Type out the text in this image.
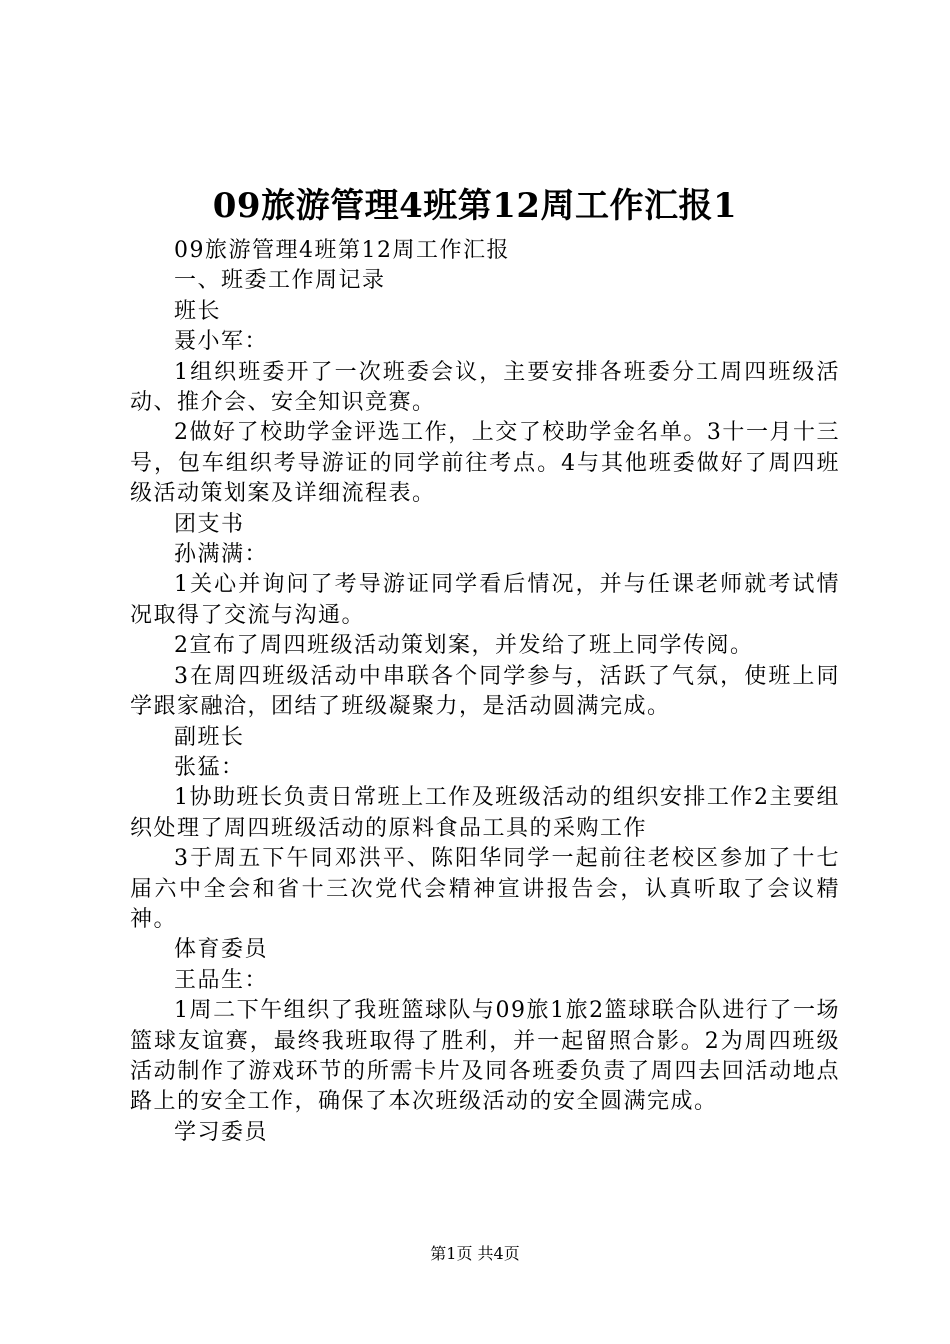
09旅游管理4班第12周工作汇报1

09旅游管理4班第12周工作汇报

一、班委工作周记录

班长

聂小军：

1组织班委开了一次班委会议，主要安排各班委分工周四班级活动、推介会、安全知识竞赛。

2做好了校助学金评选工作，上交了校助学金名单。3十一月十三号，包车组织考导游证的同学前往考点。4与其他班委做好了周四班级活动策划案及详细流程表。

团支书

孙满满：

1关心并询问了考导游证同学看后情况，并与任课老师就考试情况取得了交流与沟通。

2宣布了周四班级活动策划案，并发给了班上同学传阅。

3在周四班级活动中串联各个同学参与，活跃了气氛，使班上同学跟家融洽，团结了班级凝聚力，是活动圆满完成。

副班长

张猛：

1协助班长负责日常班上工作及班级活动的组织安排工作2主要组织处理了周四班级活动的原料食品工具的采购工作

3于周五下午同邓洪平、陈阳华同学一起前往老校区参加了十七届六中全会和省十三次党代会精神宣讲报告会，认真听取了会议精神。

体育委员

王品生：

1周二下午组织了我班篮球队与09旅1旅2篮球联合队进行了一场篮球友谊赛，最终我班取得了胜利，并一起留照合影。2为周四班级活动制作了游戏环节的所需卡片及同各班委负责了周四去回活动地点路上的安全工作，确保了本次班级活动的安全圆满完成。

学习委员

第1页 共4页
